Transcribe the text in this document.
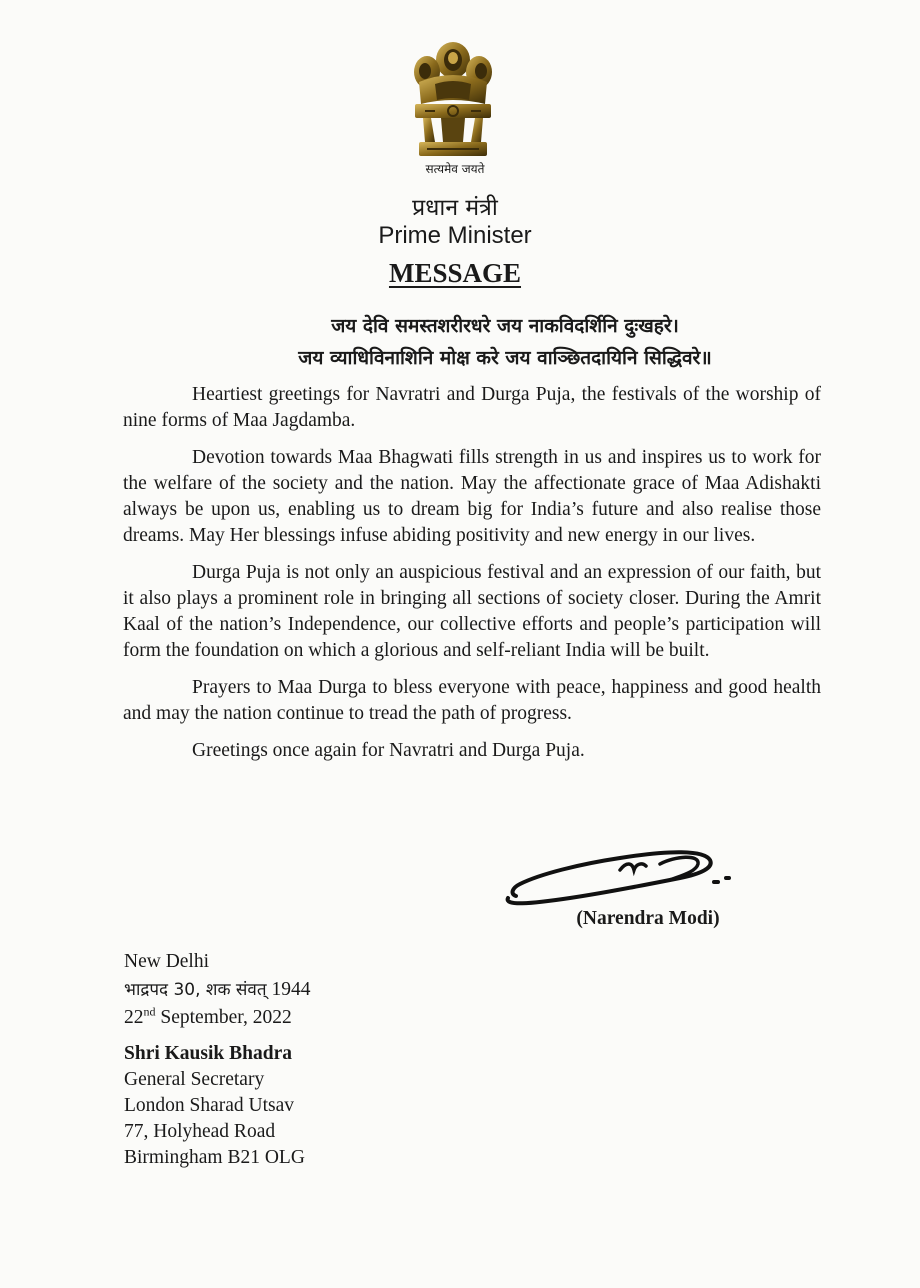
सत्यमेव जयते
प्रधान मंत्री
Prime Minister
MESSAGE
जय देवि समस्तशरीरधरे जय नाकविदर्शिनि दुःखहरे।
जय व्याधिविनाशिनि मोक्ष करे जय वाञ्छितदायिनि सिद्धिवरे॥

Heartiest greetings for Navratri and Durga Puja, the festivals of the worship of nine forms of Maa Jagdamba.

Devotion towards Maa Bhagwati fills strength in us and inspires us to work for the welfare of the society and the nation. May the affectionate grace of Maa Adishakti always be upon us, enabling us to dream big for India’s future and also realise those dreams. May Her blessings infuse abiding positivity and new energy in our lives.

Durga Puja is not only an auspicious festival and an expression of our faith, but it also plays a prominent role in bringing all sections of society closer. During the Amrit Kaal of the nation’s Independence, our collective efforts and people’s participation will form the foundation on which a glorious and self-reliant India will be built.

Prayers to Maa Durga to bless everyone with peace, happiness and good health and may the nation continue to tread the path of progress.

Greetings once again for Navratri and Durga Puja.

(Narendra Modi)
New Delhi
भाद्रपद 30, शक संवत् 1944
22nd September, 2022
Shri Kausik Bhadra
General Secretary
London Sharad Utsav
77, Holyhead Road
Birmingham B21 OLG
